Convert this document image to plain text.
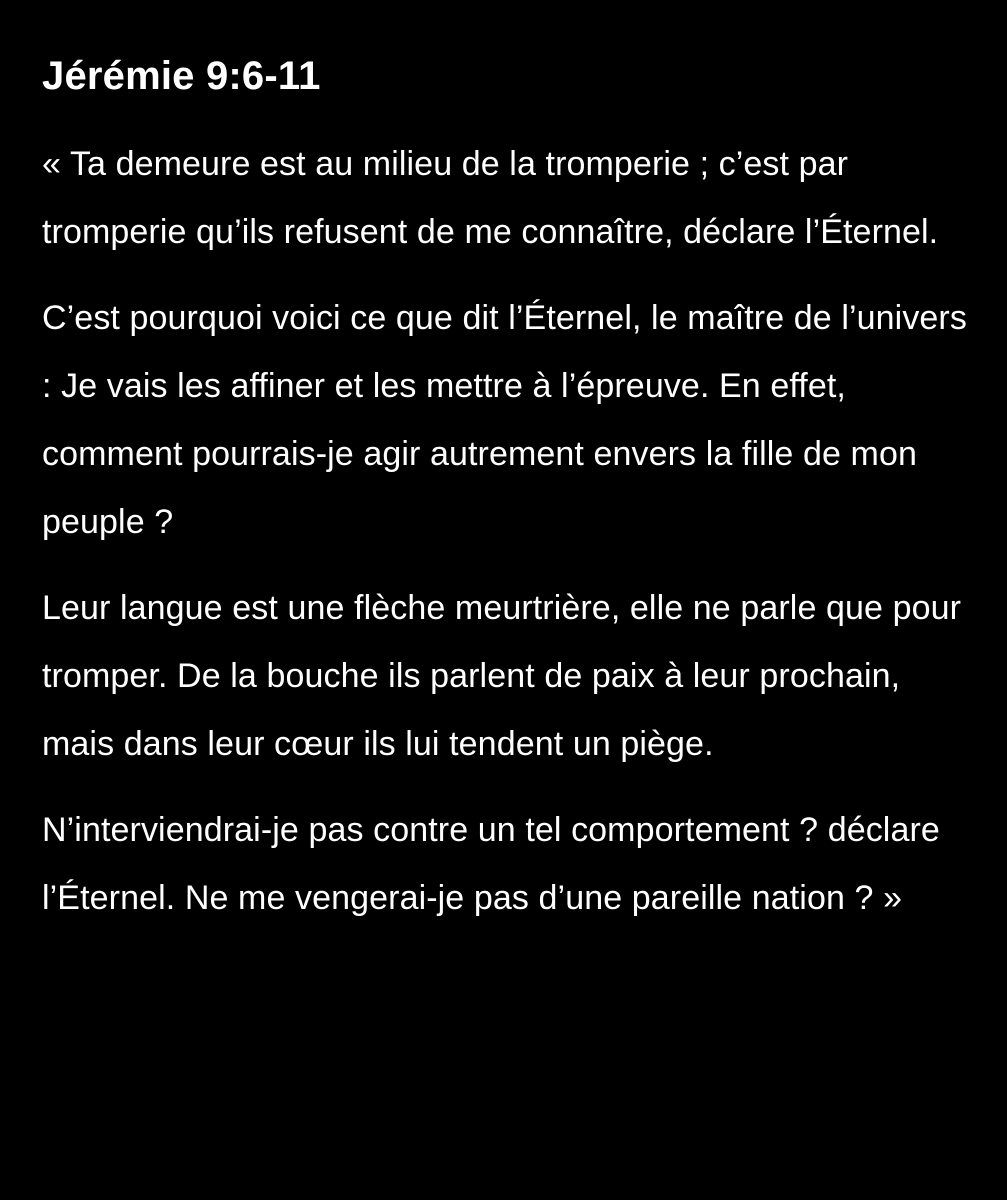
Jérémie 9:6-11

« Ta demeure est au milieu de la tromperie ; c’est par tromperie qu’ils refusent de me connaître, déclare l’Éternel.

C’est pourquoi voici ce que dit l’Éternel, le maître de l’univers : Je vais les affiner et les mettre à l’épreuve. En effet, comment pourrais-je agir autrement envers la fille de mon peuple ?

Leur langue est une flèche meurtrière, elle ne parle que pour tromper. De la bouche ils parlent de paix à leur prochain, mais dans leur cœur ils lui tendent un piège.

N’interviendrai-je pas contre un tel comportement ? déclare l’Éternel. Ne me vengerai-je pas d’une pareille nation ? »
